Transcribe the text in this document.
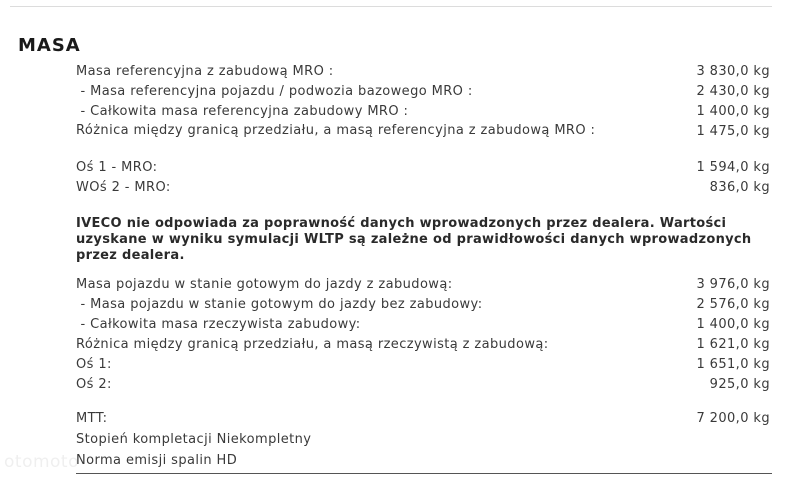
MASA
Masa referencyjna z zabudową MRO :	3 830,0 kg
- Masa referencyjna pojazdu / podwozia bazowego MRO :	2 430,0 kg
- Całkowita masa referencyjna zabudowy MRO :	1 400,0 kg
Różnica między granicą przedziału, a masą referencyjna z zabudową MRO :	1 475,0 kg
Oś 1 - MRO:	1 594,0 kg
WOś 2 - MRO:	836,0 kg
IVECO nie odpowiada za poprawność danych wprowadzonych przez dealera. Wartości uzyskane w wyniku symulacji WLTP są zależne od prawidłowości danych wprowadzonych przez dealera.
Masa pojazdu w stanie gotowym do jazdy z zabudową:	3 976,0 kg
- Masa pojazdu w stanie gotowym do jazdy bez zabudowy:	2 576,0 kg
- Całkowita masa rzeczywista zabudowy:	1 400,0 kg
Różnica między granicą przedziału, a masą rzeczywistą z zabudową:	1 621,0 kg
Oś 1:	1 651,0 kg
Oś 2:	925,0 kg
MTT:	7 200,0 kg
Stopień kompletacji Niekompletny
Norma emisji spalin HD
otomoto
